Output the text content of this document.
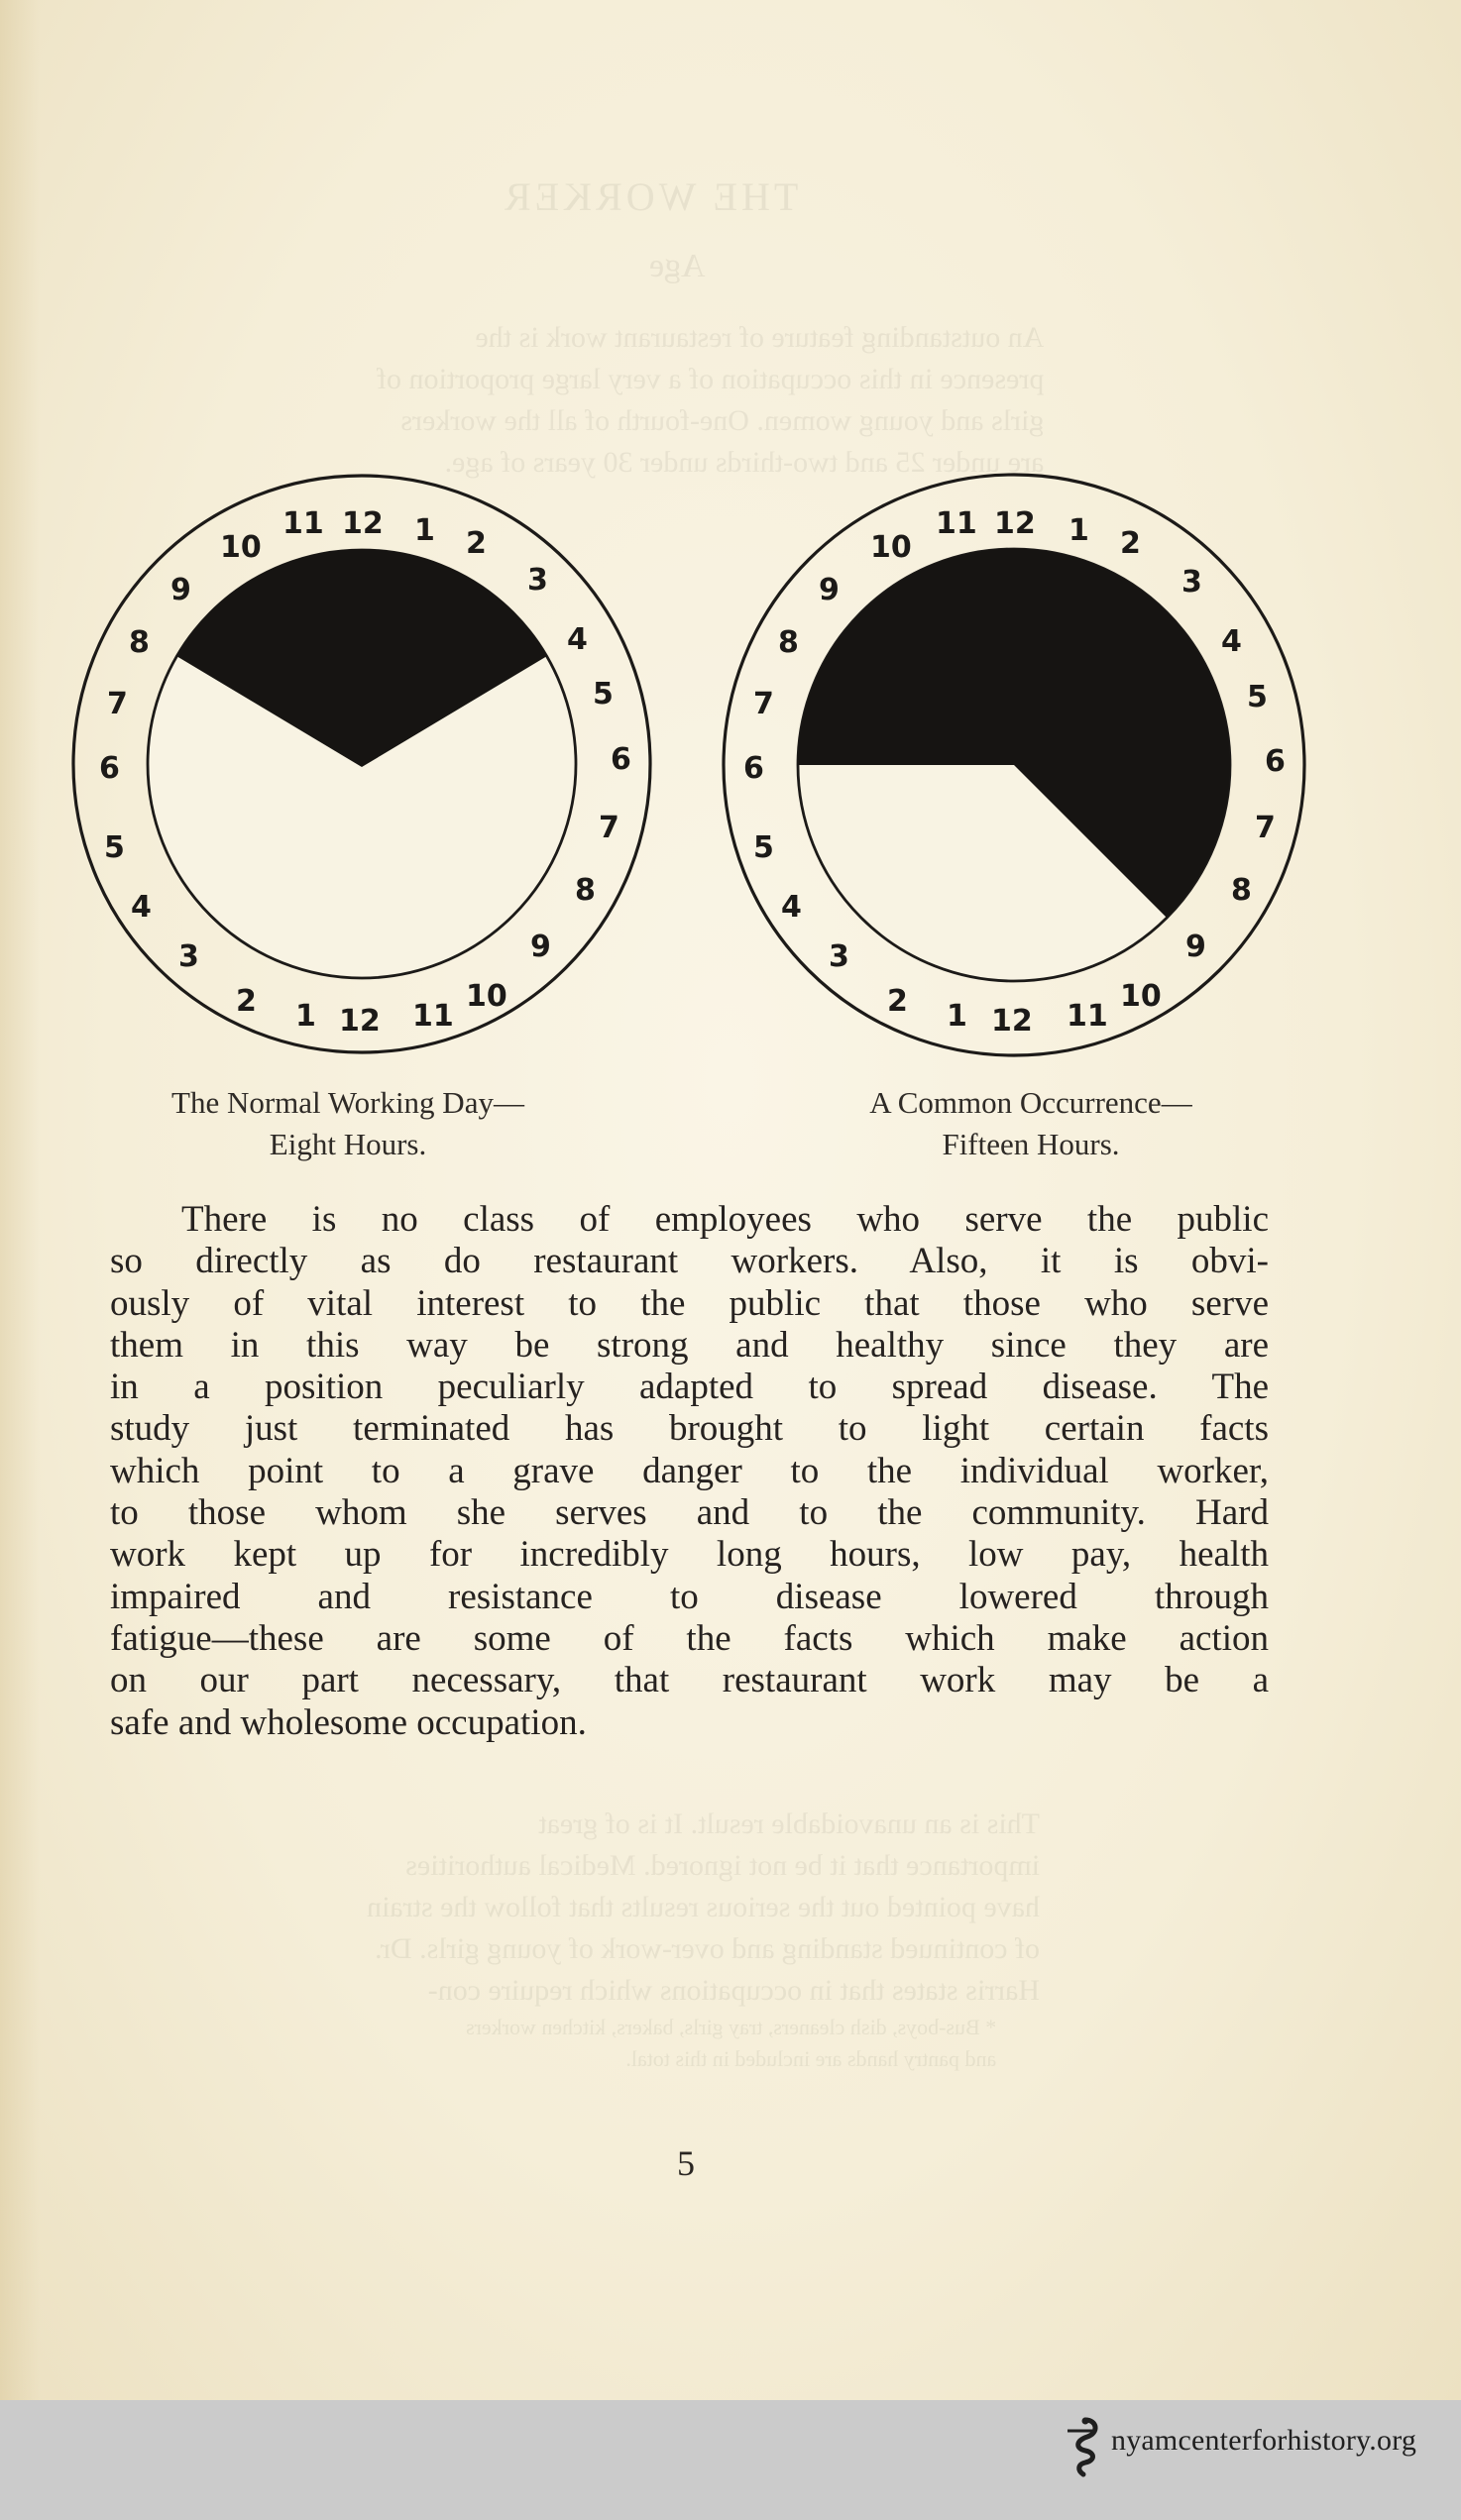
THE WORKER
Age
An outstanding feature of restaurant work is the
presence in this occupation of a very large proportion of
girls and young women. One-fourth of all the workers
are under 25 and two-thirds under 30 years of age.
This is an unavoidable result. It is of great
importance that it be not ignored. Medical authorities
have pointed out the serious results that follow the strain
of continued standing and over-work of young girls. Dr.
Harris states that in occupations which require con-
* Bus-boys, dish cleaners, tray girls, bakers, kitchen workers
and pantry hands are included in this total.
12 1 2
3
4
5
6
7
8
9
10
11
12
1
2
3
4
5
6
7
8
9
10
11	12 1 2
3
4
5
6
7
8
9
10
11
12
1
2
3
4
5
6
7
8
9
10
11
The Normal Working Day—
Eight Hours.
A Common Occurrence—
Fifteen Hours.
There is no class of employees who serve the public
so directly as do restaurant workers. Also, it is obvi-
ously of vital interest to the public that those who serve
them in this way be strong and healthy since they are
in a position peculiarly adapted to spread disease. The
study just terminated has brought to light certain facts
which point to a grave danger to the individual worker,
to those whom she serves and to the community. Hard
work kept up for incredibly long hours, low pay, health
impaired and resistance to disease lowered through
fatigue—these are some of the facts which make action
on our part necessary, that restaurant work may be a
safe and wholesome occupation.
5
nyamcenterforhistory.org
